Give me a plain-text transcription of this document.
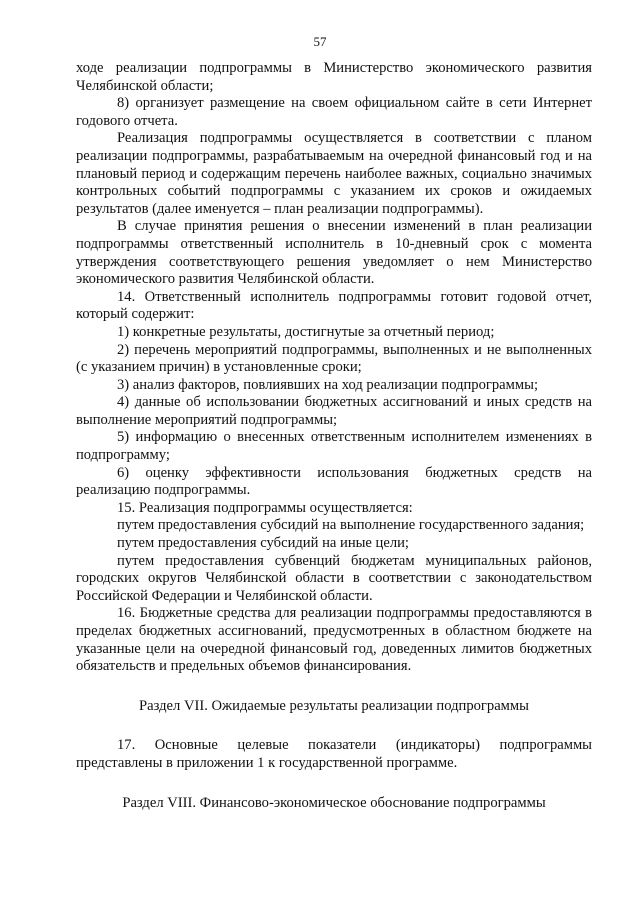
57

ходе реализации подпрограммы в Министерство экономического развития Челябинской области;

8) организует размещение на своем официальном сайте в сети Интернет годового отчета.

Реализация подпрограммы осуществляется в соответствии с планом реализации подпрограммы, разрабатываемым на очередной финансовый год и на плановый период и содержащим перечень наиболее важных, социально значимых контрольных событий подпрограммы с указанием их сроков и ожидаемых результатов (далее именуется – план реализации подпрограммы).

В случае принятия решения о внесении изменений в план реализации подпрограммы ответственный исполнитель в 10-дневный срок с момента утверждения соответствующего решения уведомляет о нем Министерство экономического развития Челябинской области.

14. Ответственный исполнитель подпрограммы готовит годовой отчет, который содержит:

1) конкретные результаты, достигнутые за отчетный период;

2) перечень мероприятий подпрограммы, выполненных и не выполненных (с указанием причин) в установленные сроки;

3) анализ факторов, повлиявших на ход реализации подпрограммы;

4) данные об использовании бюджетных ассигнований и иных средств на выполнение мероприятий подпрограммы;

5) информацию о внесенных ответственным исполнителем изменениях в подпрограмму;

6) оценку эффективности использования бюджетных средств на реализацию подпрограммы.

15. Реализация подпрограммы осуществляется:

путем предоставления субсидий на выполнение государственного задания;

путем предоставления субсидий на иные цели;

путем предоставления субвенций бюджетам муниципальных районов, городских округов Челябинской области в соответствии с законодательством Российской Федерации и Челябинской области.

16. Бюджетные средства для реализации подпрограммы предоставляются в пределах бюджетных ассигнований, предусмотренных в областном бюджете на указанные цели на очередной финансовый год, доведенных лимитов бюджетных обязательств и предельных объемов финансирования.

Раздел VII. Ожидаемые результаты реализации подпрограммы

17. Основные целевые показатели (индикаторы) подпрограммы представлены в приложении 1 к государственной программе.

Раздел VIII. Финансово-экономическое обоснование подпрограммы
